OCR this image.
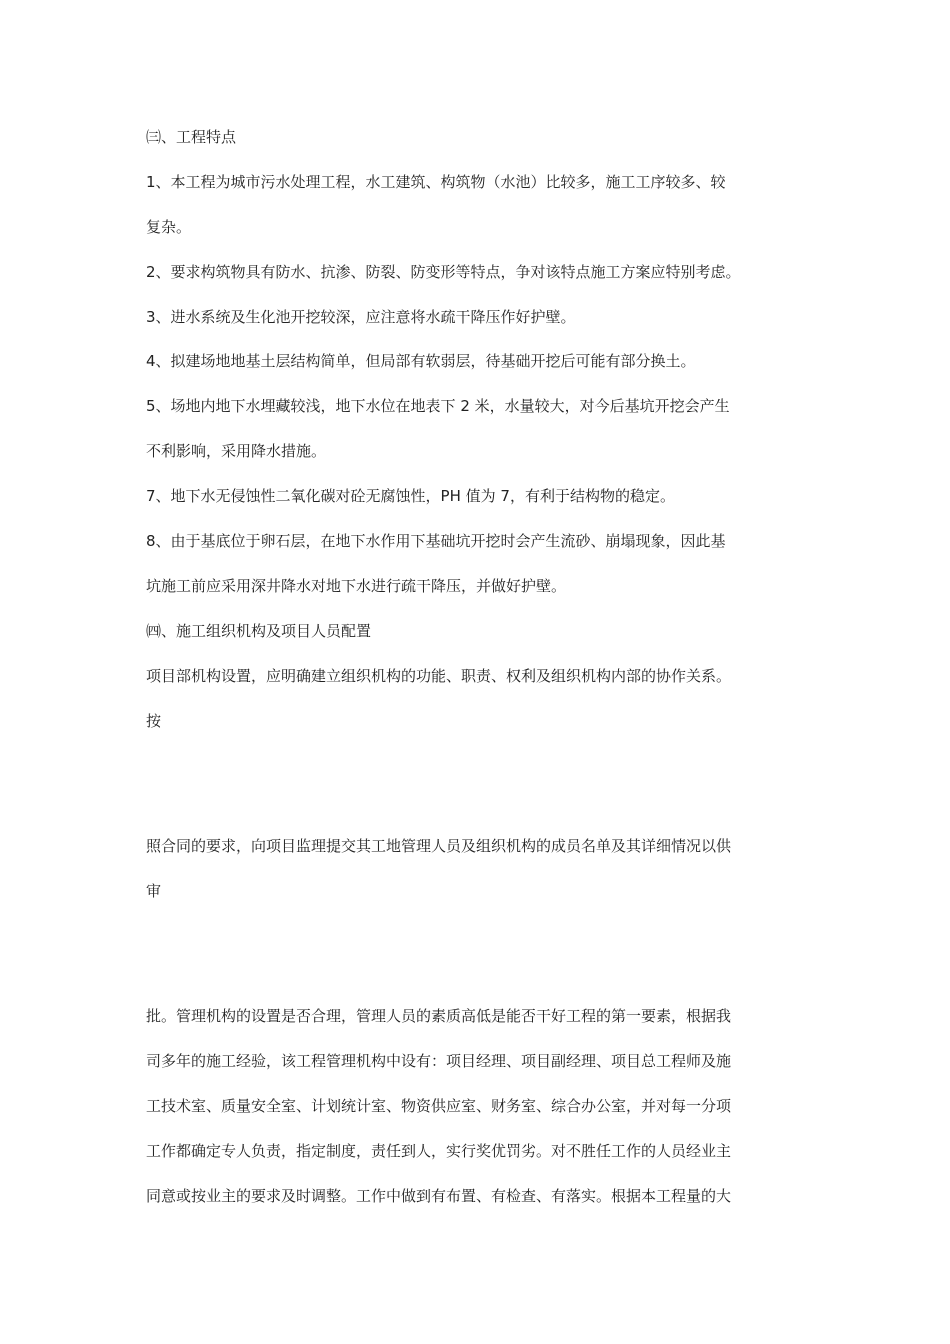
㈢、工程特点
1、本工程为城市污水处理工程，水工建筑、构筑物（水池）比较多，施工工序较多、较
复杂。
2、要求构筑物具有防水、抗渗、防裂、防变形等特点，争对该特点施工方案应特别考虑。
3、进水系统及生化池开挖较深，应注意将水疏干降压作好护壁。
4、拟建场地地基土层结构简单，但局部有软弱层，待基础开挖后可能有部分换土。
5、场地内地下水埋藏较浅，地下水位在地表下 2 米，水量较大，对今后基坑开挖会产生
不利影响，采用降水措施。
7、地下水无侵蚀性二氧化碳对砼无腐蚀性，PH 值为 7，有利于结构物的稳定。
8、由于基底位于卵石层，在地下水作用下基础坑开挖时会产生流砂、崩塌现象，因此基
坑施工前应采用深井降水对地下水进行疏干降压，并做好护壁。
㈣、施工组织机构及项目人员配置
项目部机构设置，应明确建立组织机构的功能、职责、权利及组织机构内部的协作关系。
按
照合同的要求，向项目监理提交其工地管理人员及组织机构的成员名单及其详细情况以供
审
批。管理机构的设置是否合理，管理人员的素质高低是能否干好工程的第一要素，根据我
司多年的施工经验，该工程管理机构中设有：项目经理、项目副经理、项目总工程师及施
工技术室、质量安全室、计划统计室、物资供应室、财务室、综合办公室，并对每一分项
工作都确定专人负责，指定制度，责任到人，实行奖优罚劣。对不胜任工作的人员经业主
同意或按业主的要求及时调整。工作中做到有布置、有检查、有落实。根据本工程量的大
